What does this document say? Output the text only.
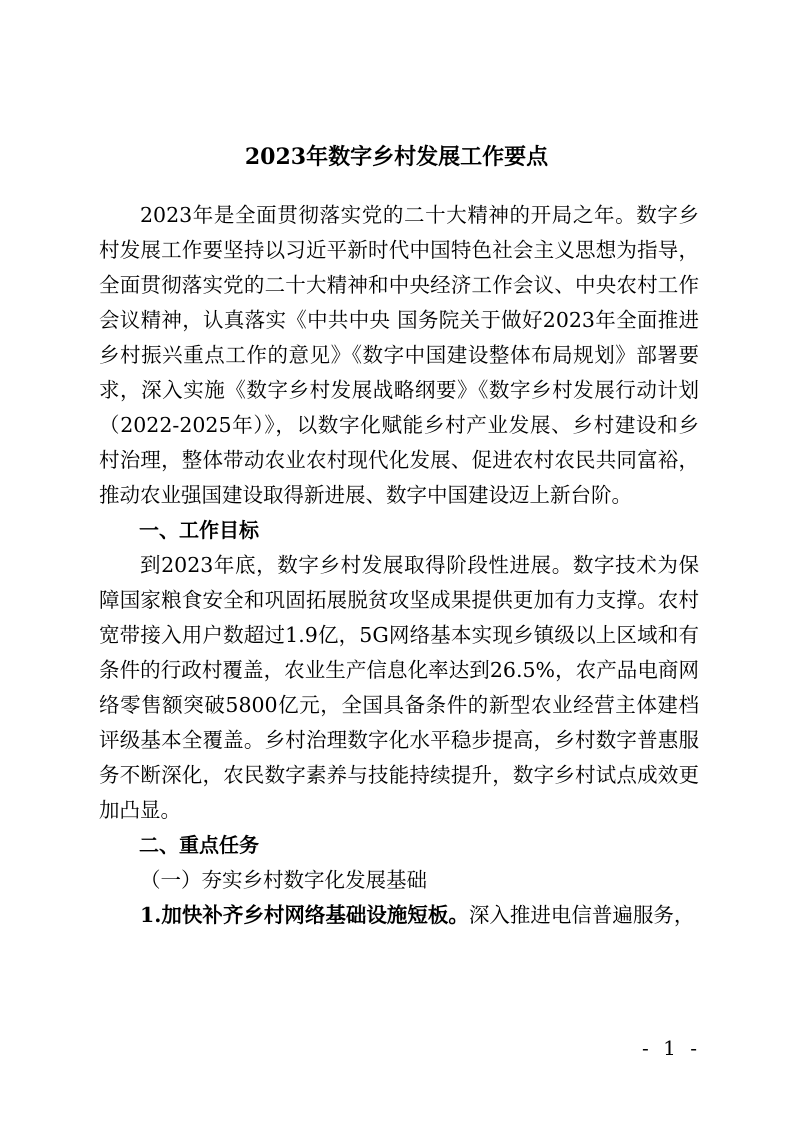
2023年数字乡村发展工作要点

2023年是全面贯彻落实党的二十大精神的开局之年。数字乡村发展工作要坚持以习近平新时代中国特色社会主义思想为指导，全面贯彻落实党的二十大精神和中央经济工作会议、中央农村工作会议精神，认真落实《中共中央 国务院关于做好2023年全面推进乡村振兴重点工作的意见》《数字中国建设整体布局规划》部署要求，深入实施《数字乡村发展战略纲要》《数字乡村发展行动计划（2022-2025年）》，以数字化赋能乡村产业发展、乡村建设和乡村治理，整体带动农业农村现代化发展、促进农村农民共同富裕，推动农业强国建设取得新进展、数字中国建设迈上新台阶。

一、工作目标

到2023年底，数字乡村发展取得阶段性进展。数字技术为保障国家粮食安全和巩固拓展脱贫攻坚成果提供更加有力支撑。农村宽带接入用户数超过1.9亿，5G网络基本实现乡镇级以上区域和有条件的行政村覆盖，农业生产信息化率达到26.5%，农产品电商网络零售额突破5800亿元，全国具备条件的新型农业经营主体建档评级基本全覆盖。乡村治理数字化水平稳步提高，乡村数字普惠服务不断深化，农民数字素养与技能持续提升，数字乡村试点成效更加凸显。

二、重点任务

（一）夯实乡村数字化发展基础

1.加快补齐乡村网络基础设施短板。深入推进电信普遍服务，

- 1 -
